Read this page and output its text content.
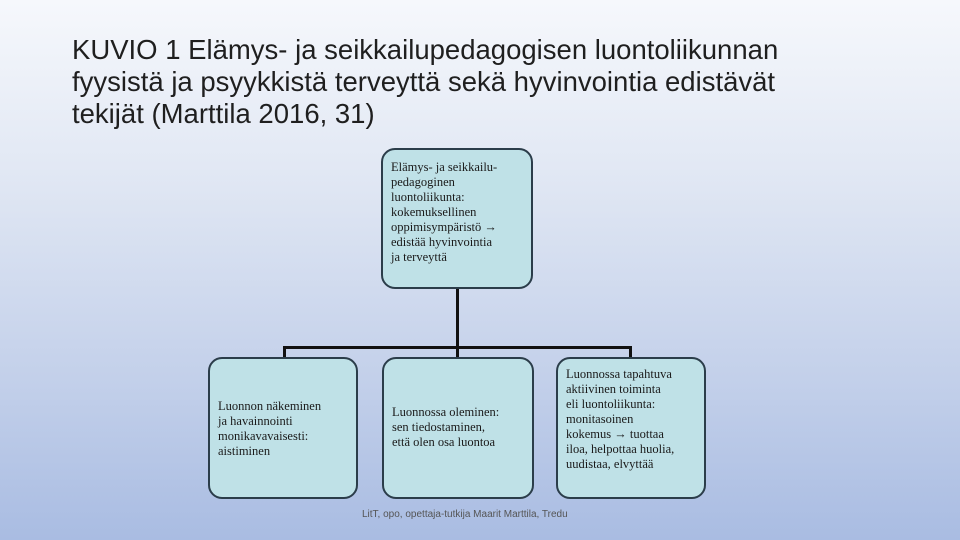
KUVIO 1 Elämys- ja seikkailupedagogisen luontoliikunnan
fyysistä ja psyykkistä terveyttä sekä hyvinvointia edistävät
tekijät (Marttila 2016, 31)
Elämys- ja seikkailu-
pedagoginen
luontoliikunta:
kokemuksellinen
oppimisympäristö →
edistää hyvinvointia
ja terveyttä
Luonnon näkeminen
ja havainnointi
monikavavaisesti:
aistiminen
Luonnossa oleminen:
sen tiedostaminen,
että olen osa luontoa
Luonnossa tapahtuva
aktiivinen toiminta
eli luontoliikunta:
monitasoinen
kokemus → tuottaa
iloa, helpottaa huolia,
uudistaa, elvyttää
LitT, opo, opettaja-tutkija Maarit Marttila, Tredu
